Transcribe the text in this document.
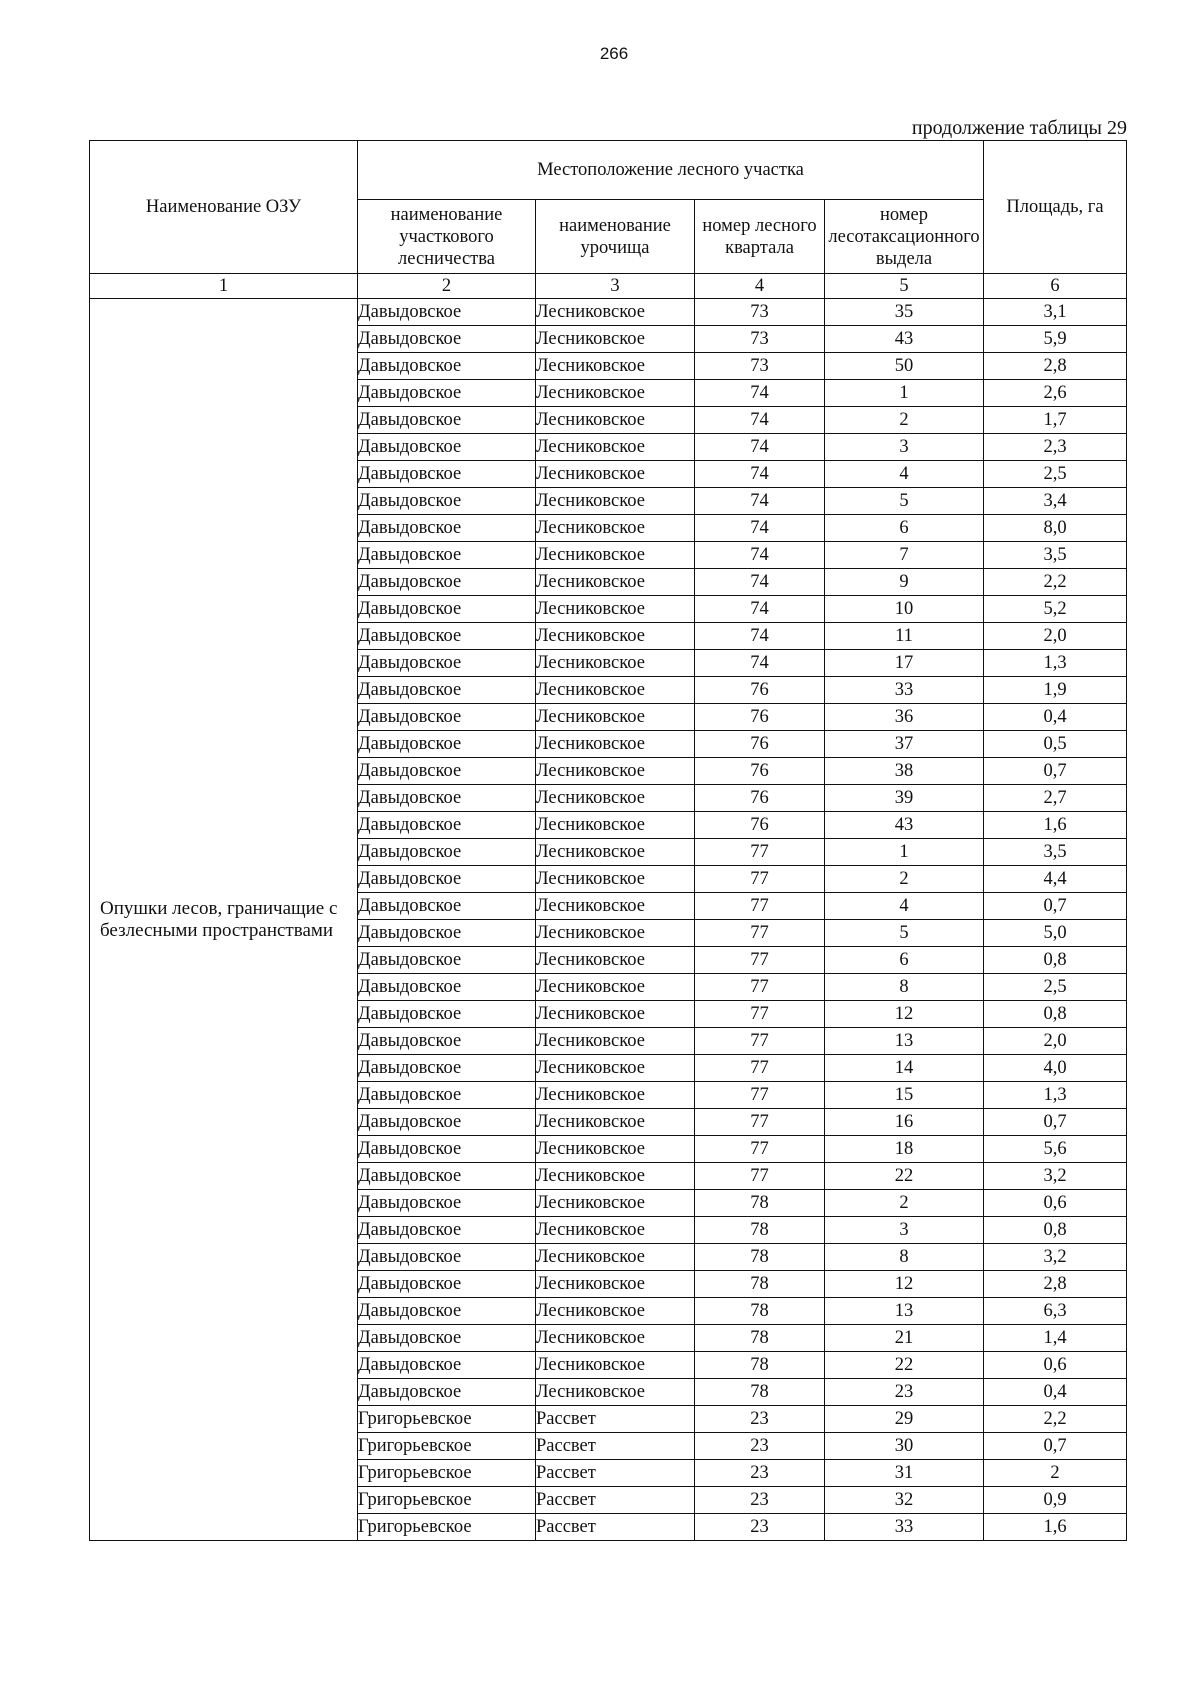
266
продолжение таблицы 29
Наименование ОЗУ	Местоположение лесного участка				Площадь, га
	наименование участкового лесничества	наименование урочища	номер лесного квартала	номер лесотаксационного выдела	
1	2	3	4	5	6
Опушки лесов, граничащие с безлесными пространствами	Давыдовское	Лесниковское	73	35	3,1
	Давыдовское	Лесниковское	73	43	5,9
	Давыдовское	Лесниковское	73	50	2,8
	Давыдовское	Лесниковское	74	1	2,6
	Давыдовское	Лесниковское	74	2	1,7
	Давыдовское	Лесниковское	74	3	2,3
	Давыдовское	Лесниковское	74	4	2,5
	Давыдовское	Лесниковское	74	5	3,4
	Давыдовское	Лесниковское	74	6	8,0
	Давыдовское	Лесниковское	74	7	3,5
	Давыдовское	Лесниковское	74	9	2,2
	Давыдовское	Лесниковское	74	10	5,2
	Давыдовское	Лесниковское	74	11	2,0
	Давыдовское	Лесниковское	74	17	1,3
	Давыдовское	Лесниковское	76	33	1,9
	Давыдовское	Лесниковское	76	36	0,4
	Давыдовское	Лесниковское	76	37	0,5
	Давыдовское	Лесниковское	76	38	0,7
	Давыдовское	Лесниковское	76	39	2,7
	Давыдовское	Лесниковское	76	43	1,6
	Давыдовское	Лесниковское	77	1	3,5
	Давыдовское	Лесниковское	77	2	4,4
	Давыдовское	Лесниковское	77	4	0,7
	Давыдовское	Лесниковское	77	5	5,0
	Давыдовское	Лесниковское	77	6	0,8
	Давыдовское	Лесниковское	77	8	2,5
	Давыдовское	Лесниковское	77	12	0,8
	Давыдовское	Лесниковское	77	13	2,0
	Давыдовское	Лесниковское	77	14	4,0
	Давыдовское	Лесниковское	77	15	1,3
	Давыдовское	Лесниковское	77	16	0,7
	Давыдовское	Лесниковское	77	18	5,6
	Давыдовское	Лесниковское	77	22	3,2
	Давыдовское	Лесниковское	78	2	0,6
	Давыдовское	Лесниковское	78	3	0,8
	Давыдовское	Лесниковское	78	8	3,2
	Давыдовское	Лесниковское	78	12	2,8
	Давыдовское	Лесниковское	78	13	6,3
	Давыдовское	Лесниковское	78	21	1,4
	Давыдовское	Лесниковское	78	22	0,6
	Давыдовское	Лесниковское	78	23	0,4
	Григорьевское	Рассвет	23	29	2,2
	Григорьевское	Рассвет	23	30	0,7
	Григорьевское	Рассвет	23	31	2
	Григорьевское	Рассвет	23	32	0,9
	Григорьевское	Рассвет	23	33	1,6
